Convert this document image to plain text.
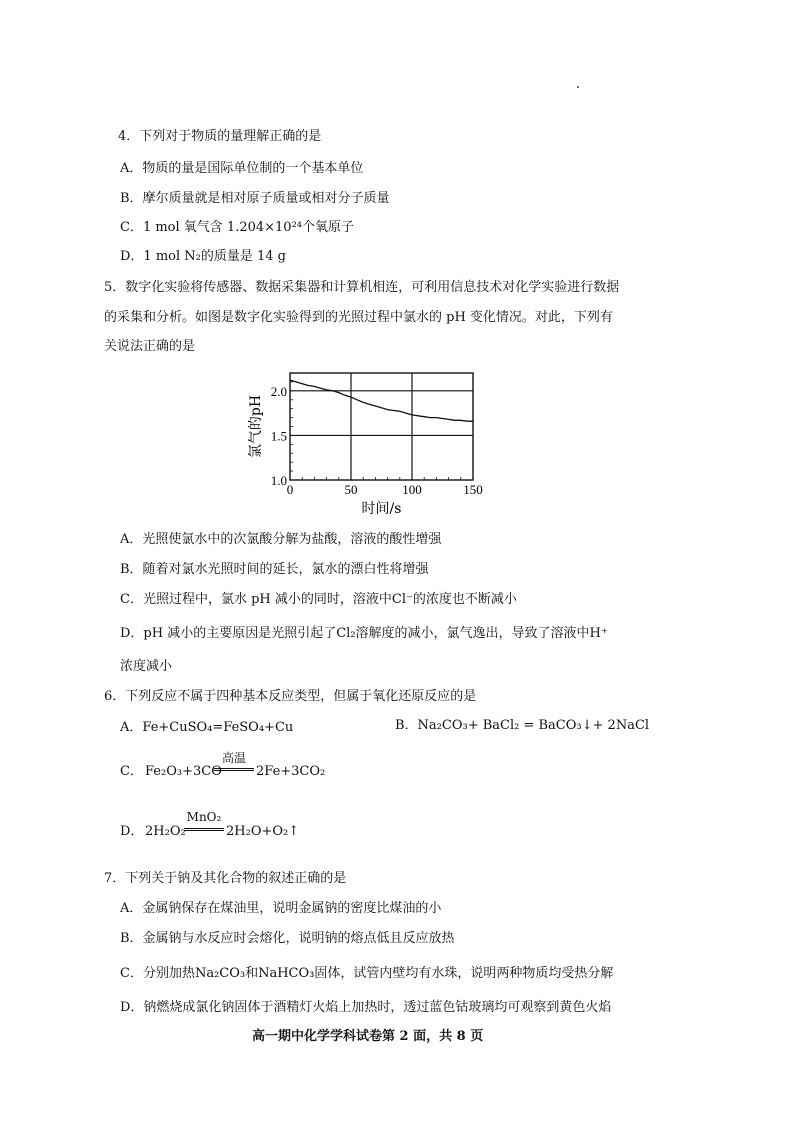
4．下列对于物质的量理解正确的是
A．物质的量是国际单位制的一个基本单位
B．摩尔质量就是相对原子质量或相对分子质量
C．1 mol 氧气含 1.204×10²⁴个氧原子
D．1 mol N₂的质量是 14 g
5．数字化实验将传感器、数据采集器和计算机相连，可利用信息技术对化学实验进行数据
的采集和分析。如图是数字化实验得到的光照过程中氯水的 pH 变化情况。对此，下列有
关说法正确的是
0	50	100	150
1.0
1.5
2.0
时间/s
氯气的pH
A．光照使氯水中的次氯酸分解为盐酸，溶液的酸性增强
B．随着对氯水光照时间的延长，氯水的漂白性将增强
C．光照过程中，氯水 pH 减小的同时，溶液中Cl⁻的浓度也不断减小
D．pH 减小的主要原因是光照引起了Cl₂溶解度的减小，氯气逸出，导致了溶液中H⁺
浓度减小
6．下列反应不属于四种基本反应类型，但属于氧化还原反应的是
A．Fe+CuSO₄=FeSO₄+Cu	B．Na₂CO₃+ BaCl₂ = BaCO₃↓+ 2NaCl
C． Fe₂O₃+3CO
高温
2Fe+3CO₂
D． 2H₂O₂
MnO₂
2H₂O+O₂↑
7．下列关于钠及其化合物的叙述正确的是
A．金属钠保存在煤油里，说明金属钠的密度比煤油的小
B．金属钠与水反应时会熔化，说明钠的熔点低且反应放热
C．分别加热Na₂CO₃和NaHCO₃固体，试管内壁均有水珠，说明两种物质均受热分解
D．钠燃烧成氯化钠固体于酒精灯火焰上加热时，透过蓝色钴玻璃均可观察到黄色火焰
高一期中化学学科试卷第 2 面，共 8 页
